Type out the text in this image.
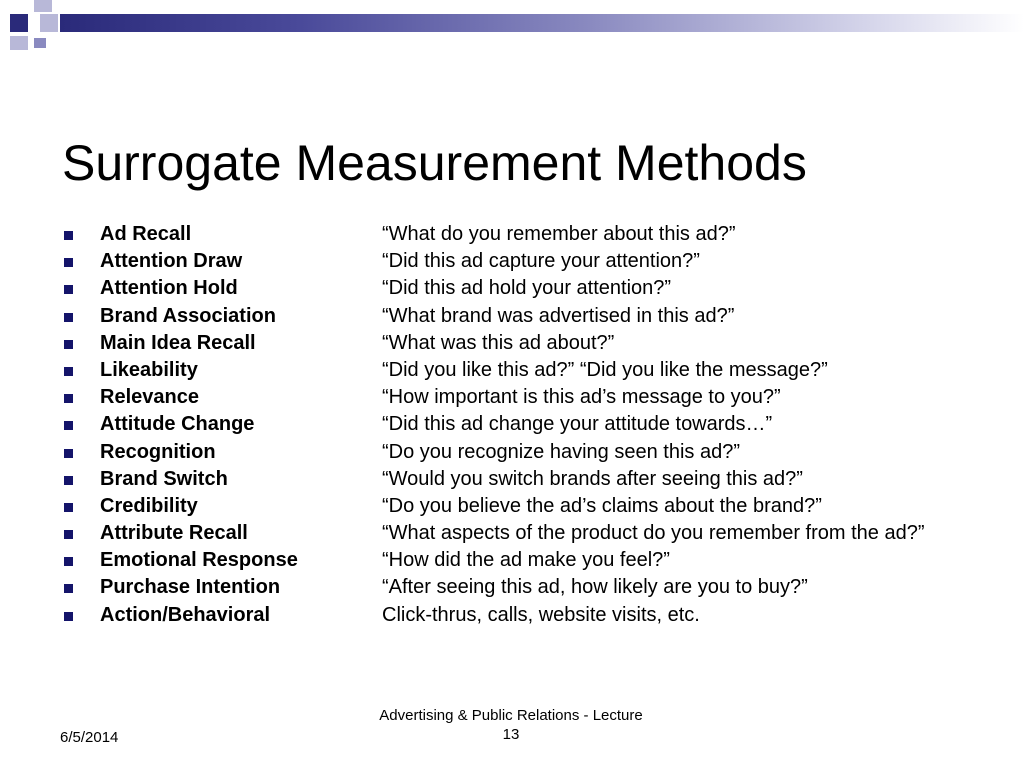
Surrogate Measurement Methods
Ad Recall	“What do you remember about this ad?”
Attention Draw	“Did this ad capture your attention?”
Attention Hold	“Did this ad hold your attention?”
Brand Association	“What brand was advertised in this ad?”
Main Idea Recall	“What was this ad about?”
Likeability	“Did you like this ad?” “Did you like the message?”
Relevance	“How important is this ad’s message to you?”
Attitude Change	“Did this ad change your attitude towards…”
Recognition	“Do you recognize having seen this ad?”
Brand Switch	“Would you switch brands after seeing this ad?”
Credibility	“Do you believe the ad’s claims about the brand?”
Attribute Recall	“What aspects of the product do you remember from the ad?”
Emotional Response	“How did the ad make you feel?”
Purchase Intention	“After seeing this ad, how likely are you to buy?”
Action/Behavioral	Click-thrus, calls, website visits, etc.
Advertising & Public Relations - Lecture
13
6/5/2014
